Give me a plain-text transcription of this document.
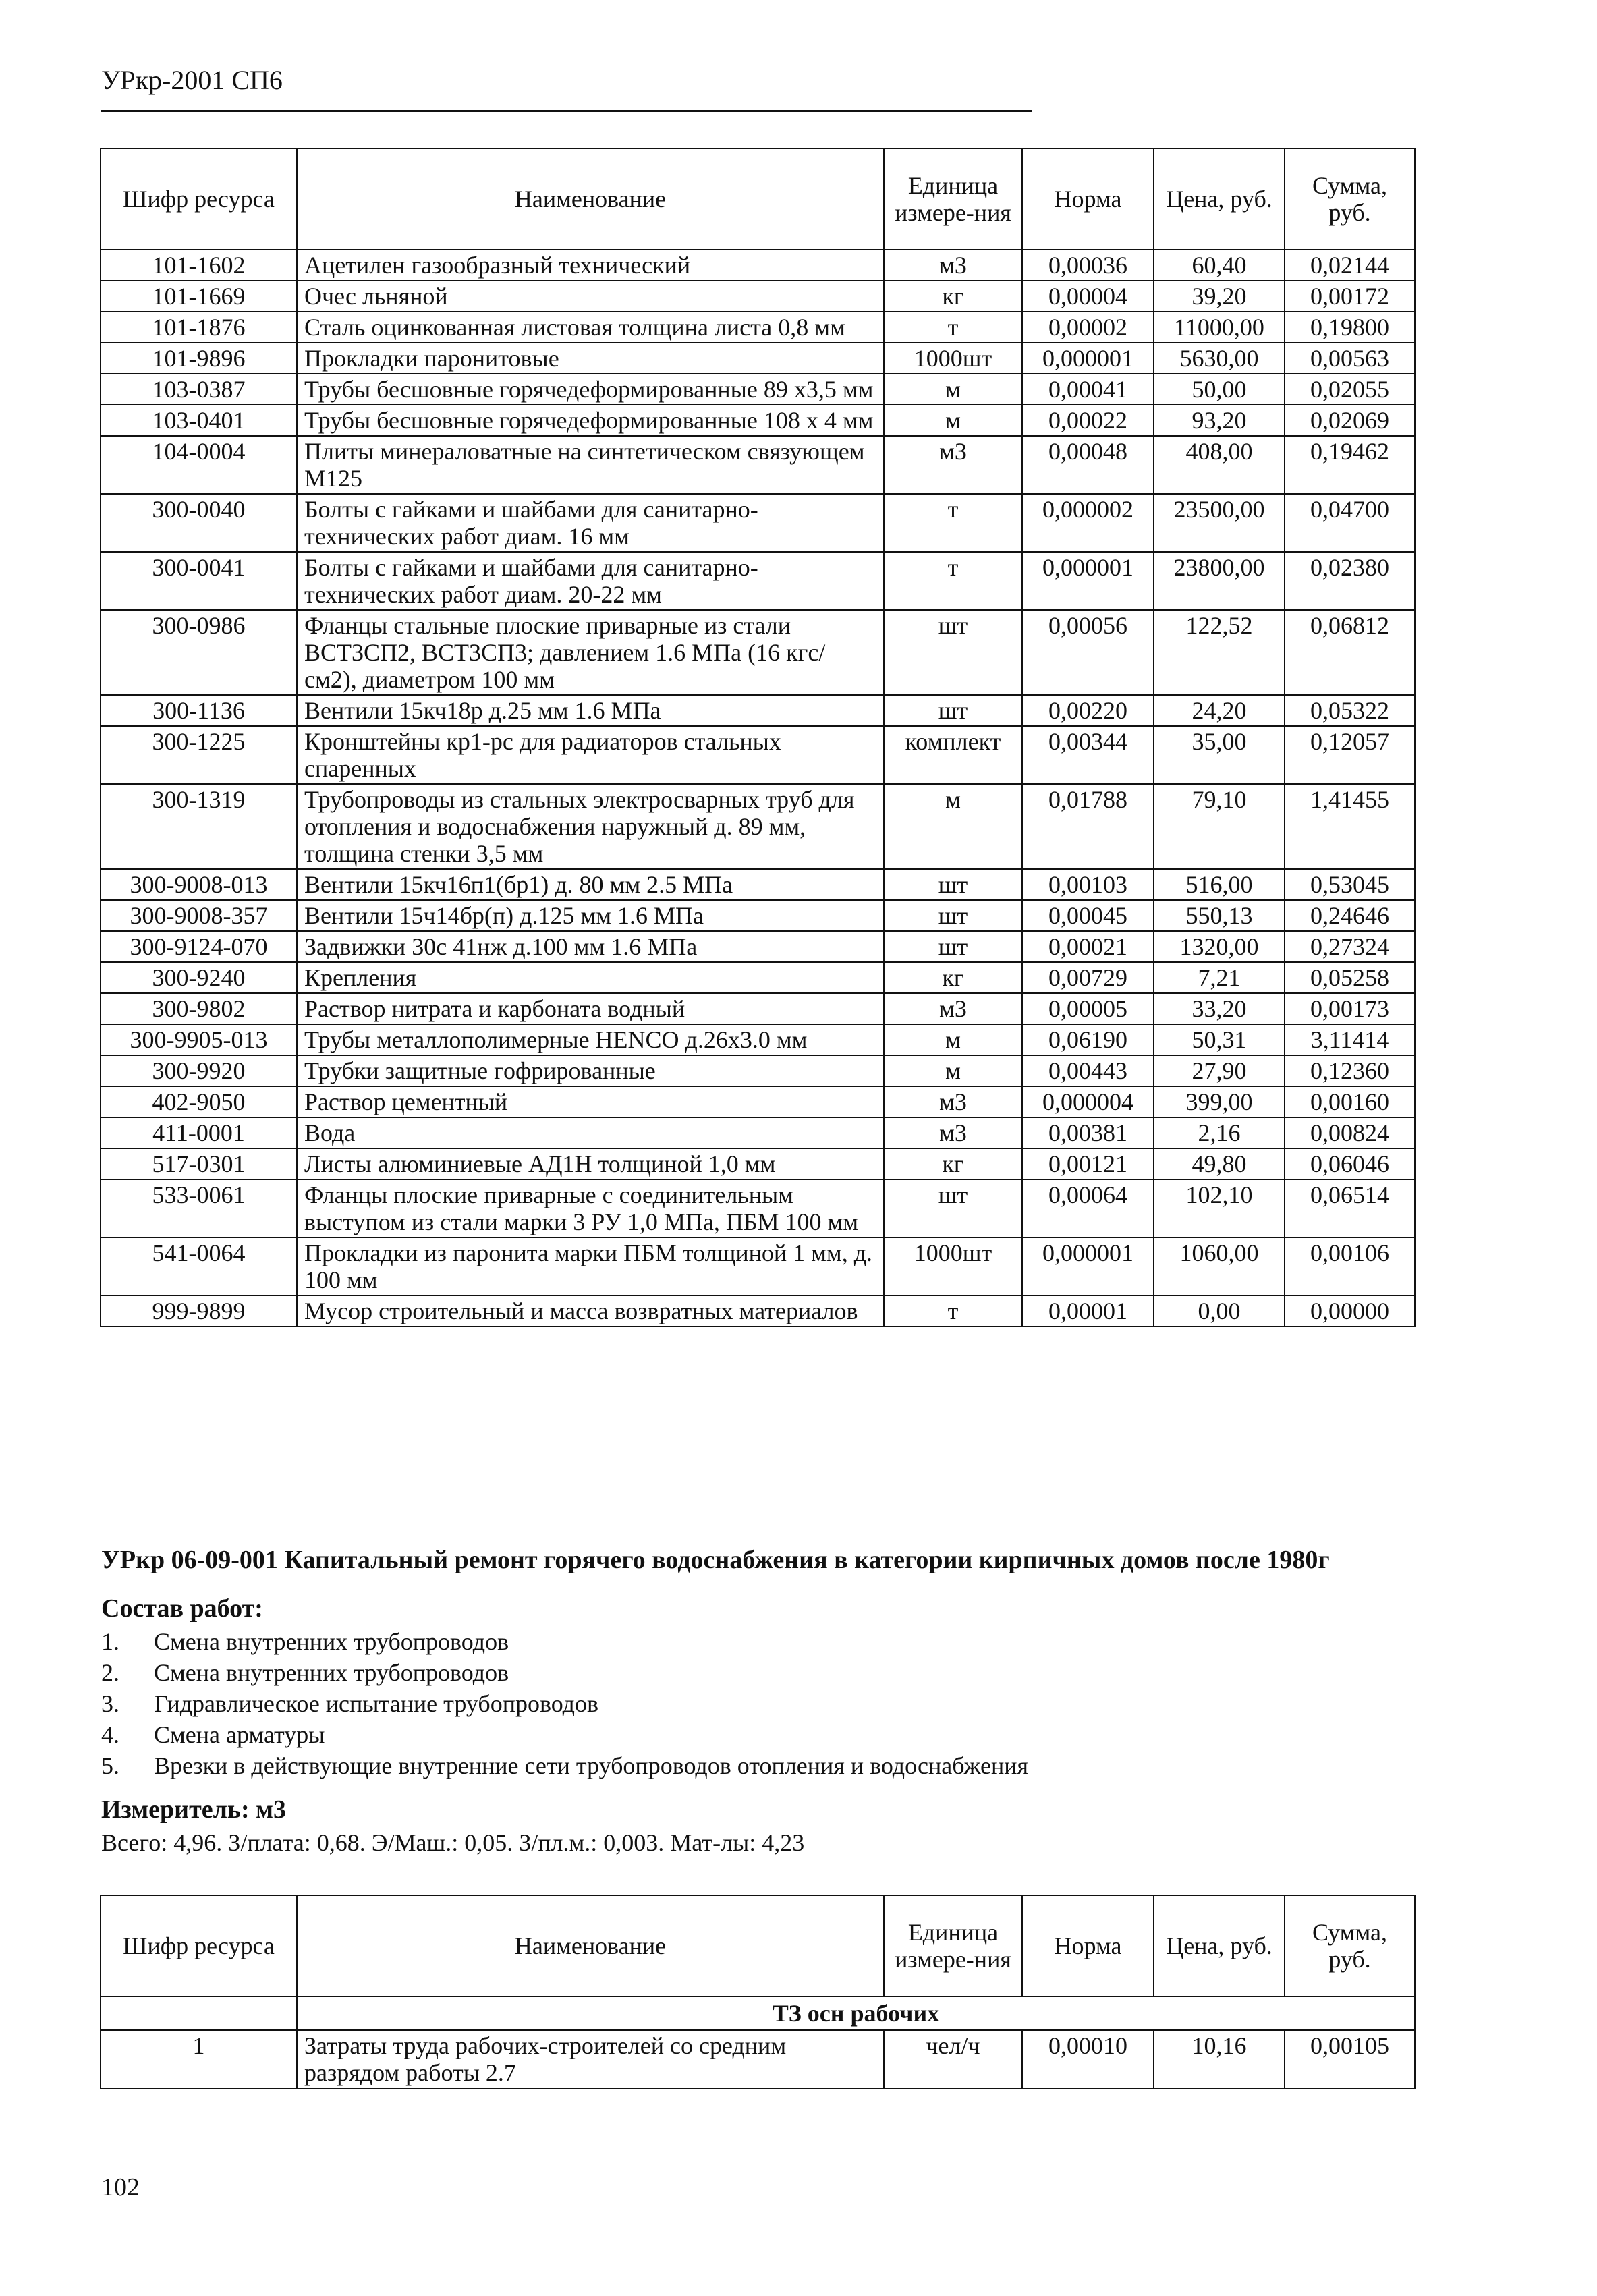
УРкр-2001 СП6
Шифр ресурса	Наименование	Единица измере-ния	Норма	Цена, руб.	Сумма, руб.
101-1602	Ацетилен газообразный технический	м3	0,00036	60,40	0,02144
101-1669	Очес льняной	кг	0,00004	39,20	0,00172
101-1876	Сталь оцинкованная листовая толщина листа 0,8 мм	т	0,00002	11000,00	0,19800
101-9896	Прокладки паронитовые	1000шт	0,000001	5630,00	0,00563
103-0387	Трубы бесшовные горячедеформированные 89 х3,5 мм	м	0,00041	50,00	0,02055
103-0401	Трубы бесшовные горячедеформированные 108 х 4 мм	м	0,00022	93,20	0,02069
104-0004	Плиты минераловатные на синтетическом связующем М125	м3	0,00048	408,00	0,19462
300-0040	Болты с гайками и шайбами для санитарно-технических работ диам. 16 мм	т	0,000002	23500,00	0,04700
300-0041	Болты с гайками и шайбами для санитарно-технических работ диам. 20-22 мм	т	0,000001	23800,00	0,02380
300-0986	Фланцы стальные плоские приварные из стали ВСТ3СП2, ВСТ3СП3; давлением 1.6 МПа (16 кгс/см2), диаметром 100 мм	шт	0,00056	122,52	0,06812
300-1136	Вентили 15кч18р д.25 мм 1.6 МПа	шт	0,00220	24,20	0,05322
300-1225	Кронштейны кр1-рс для радиаторов стальных спаренных	комплект	0,00344	35,00	0,12057
300-1319	Трубопроводы из стальных электросварных труб для отопления и водоснабжения наружный д. 89 мм, толщина стенки 3,5 мм	м	0,01788	79,10	1,41455
300-9008-013	Вентили 15кч16п1(бр1) д. 80 мм 2.5 МПа	шт	0,00103	516,00	0,53045
300-9008-357	Вентили 15ч14бр(п) д.125 мм 1.6 МПа	шт	0,00045	550,13	0,24646
300-9124-070	Задвижки 30с 41нж д.100 мм 1.6 МПа	шт	0,00021	1320,00	0,27324
300-9240	Крепления	кг	0,00729	7,21	0,05258
300-9802	Раствор нитрата и карбоната водный	м3	0,00005	33,20	0,00173
300-9905-013	Трубы металлополимерные HENCO д.26х3.0 мм	м	0,06190	50,31	3,11414
300-9920	Трубки защитные гофрированные	м	0,00443	27,90	0,12360
402-9050	Раствор цементный	м3	0,000004	399,00	0,00160
411-0001	Вода	м3	0,00381	2,16	0,00824
517-0301	Листы алюминиевые АД1Н толщиной 1,0 мм	кг	0,00121	49,80	0,06046
533-0061	Фланцы плоские приварные с соединительным выступом из стали марки 3 РУ 1,0 МПа, ПБМ 100 мм	шт	0,00064	102,10	0,06514
541-0064	Прокладки из паронита марки ПБМ толщиной 1 мм, д. 100 мм	1000шт	0,000001	1060,00	0,00106
999-9899	Мусор строительный и масса возвратных материалов	т	0,00001	0,00	0,00000
УРкр 06-09-001 Капитальный ремонт горячего водоснабжения в категории кирпичных домов после 1980г
Состав работ:
1.	Смена внутренних трубопроводов
2.	Смена внутренних трубопроводов
3.	Гидравлическое испытание трубопроводов
4.	Смена арматуры
5.	Врезки в действующие внутренние сети трубопроводов отопления и водоснабжения
Измеритель: м3
Всего: 4,96. З/плата: 0,68. Э/Маш.: 0,05. З/пл.м.: 0,003. Мат-лы: 4,23
Шифр ресурса	Наименование	Единица измере-ния	Норма	Цена, руб.	Сумма, руб.
	ТЗ осн рабочих				
1	Затраты труда рабочих-строителей со средним разрядом работы 2.7	чел/ч	0,00010	10,16	0,00105
102
